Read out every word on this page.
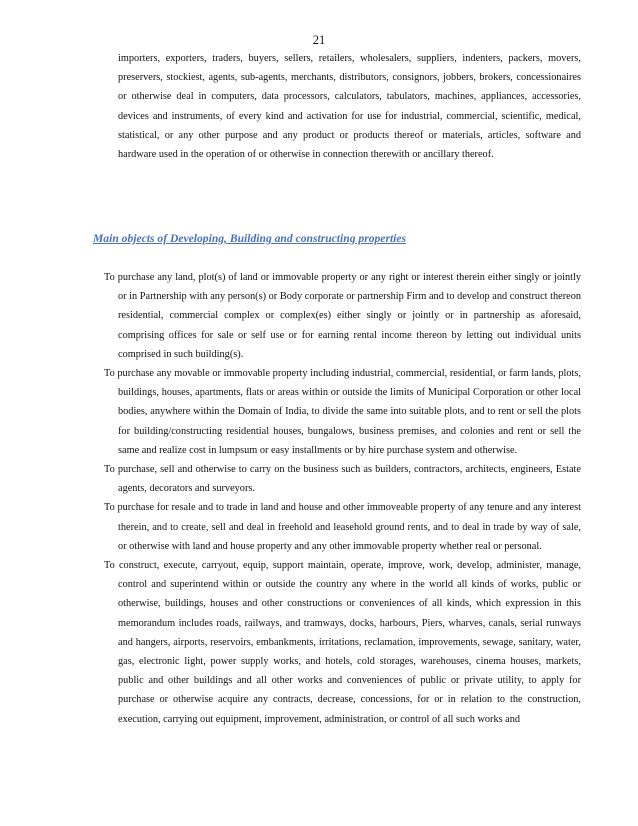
21

importers, exporters, traders, buyers, sellers, retailers, wholesalers, suppliers, indenters, packers, movers, preservers, stockiest, agents, sub-agents, merchants, distributors, consignors, jobbers, brokers, concessionaires or otherwise deal in computers, data processors, calculators, tabulators, machines, appliances, accessories, devices and instruments, of every kind and activation for use for industrial, commercial, scientific, medical, statistical, or any other purpose and any product or products thereof or materials, articles, software and hardware used in the operation of or otherwise in connection therewith or ancillary thereof.

Main objects of Developing, Building and constructing properties

To purchase any land, plot(s) of land or immovable property or any right or interest therein either singly or jointly or in Partnership with any person(s) or Body corporate or partnership Firm and to develop and construct thereon residential, commercial complex or complex(es) either singly or jointly or in partnership as aforesaid, comprising offices for sale or self use or for earning rental income thereon by letting out individual units comprised in such building(s).

To purchase any movable or immovable property including industrial, commercial, residential, or farm lands, plots, buildings, houses, apartments, flats or areas within or outside the limits of Municipal Corporation or other local bodies, anywhere within the Domain of India, to divide the same into suitable plots, and to rent or sell the plots for building/constructing residential houses, bungalows, business premises, and colonies and rent or sell the same and realize cost in lumpsum or easy installments or by hire purchase system and otherwise.

To purchase, sell and otherwise to carry on the business such as builders, contractors, architects, engineers, Estate agents, decorators and surveyors.

To purchase for resale and to trade in land and house and other immoveable property of any tenure and any interest therein, and to create, sell and deal in freehold and leasehold ground rents, and to deal in trade by way of sale, or otherwise with land and house property and any other immovable property whether real or personal.

To construct, execute, carryout, equip, support maintain, operate, improve, work, develop, administer, manage, control and superintend within or outside the country any where in the world all kinds of works, public or otherwise, buildings, houses and other constructions or conveniences of all kinds, which expression in this memorandum includes roads, railways, and tramways, docks, harbours, Piers, wharves, canals, serial runways and hangers, airports, reservoirs, embankments, irritations, reclamation, improvements, sewage, sanitary, water, gas, electronic light, power supply works, and hotels, cold storages, warehouses, cinema houses, markets, public and other buildings and all other works and conveniences of public or private utility, to apply for purchase or otherwise acquire any contracts, decrease, concessions, for or in relation to the construction, execution, carrying out equipment, improvement, administration, or control of all such works and
